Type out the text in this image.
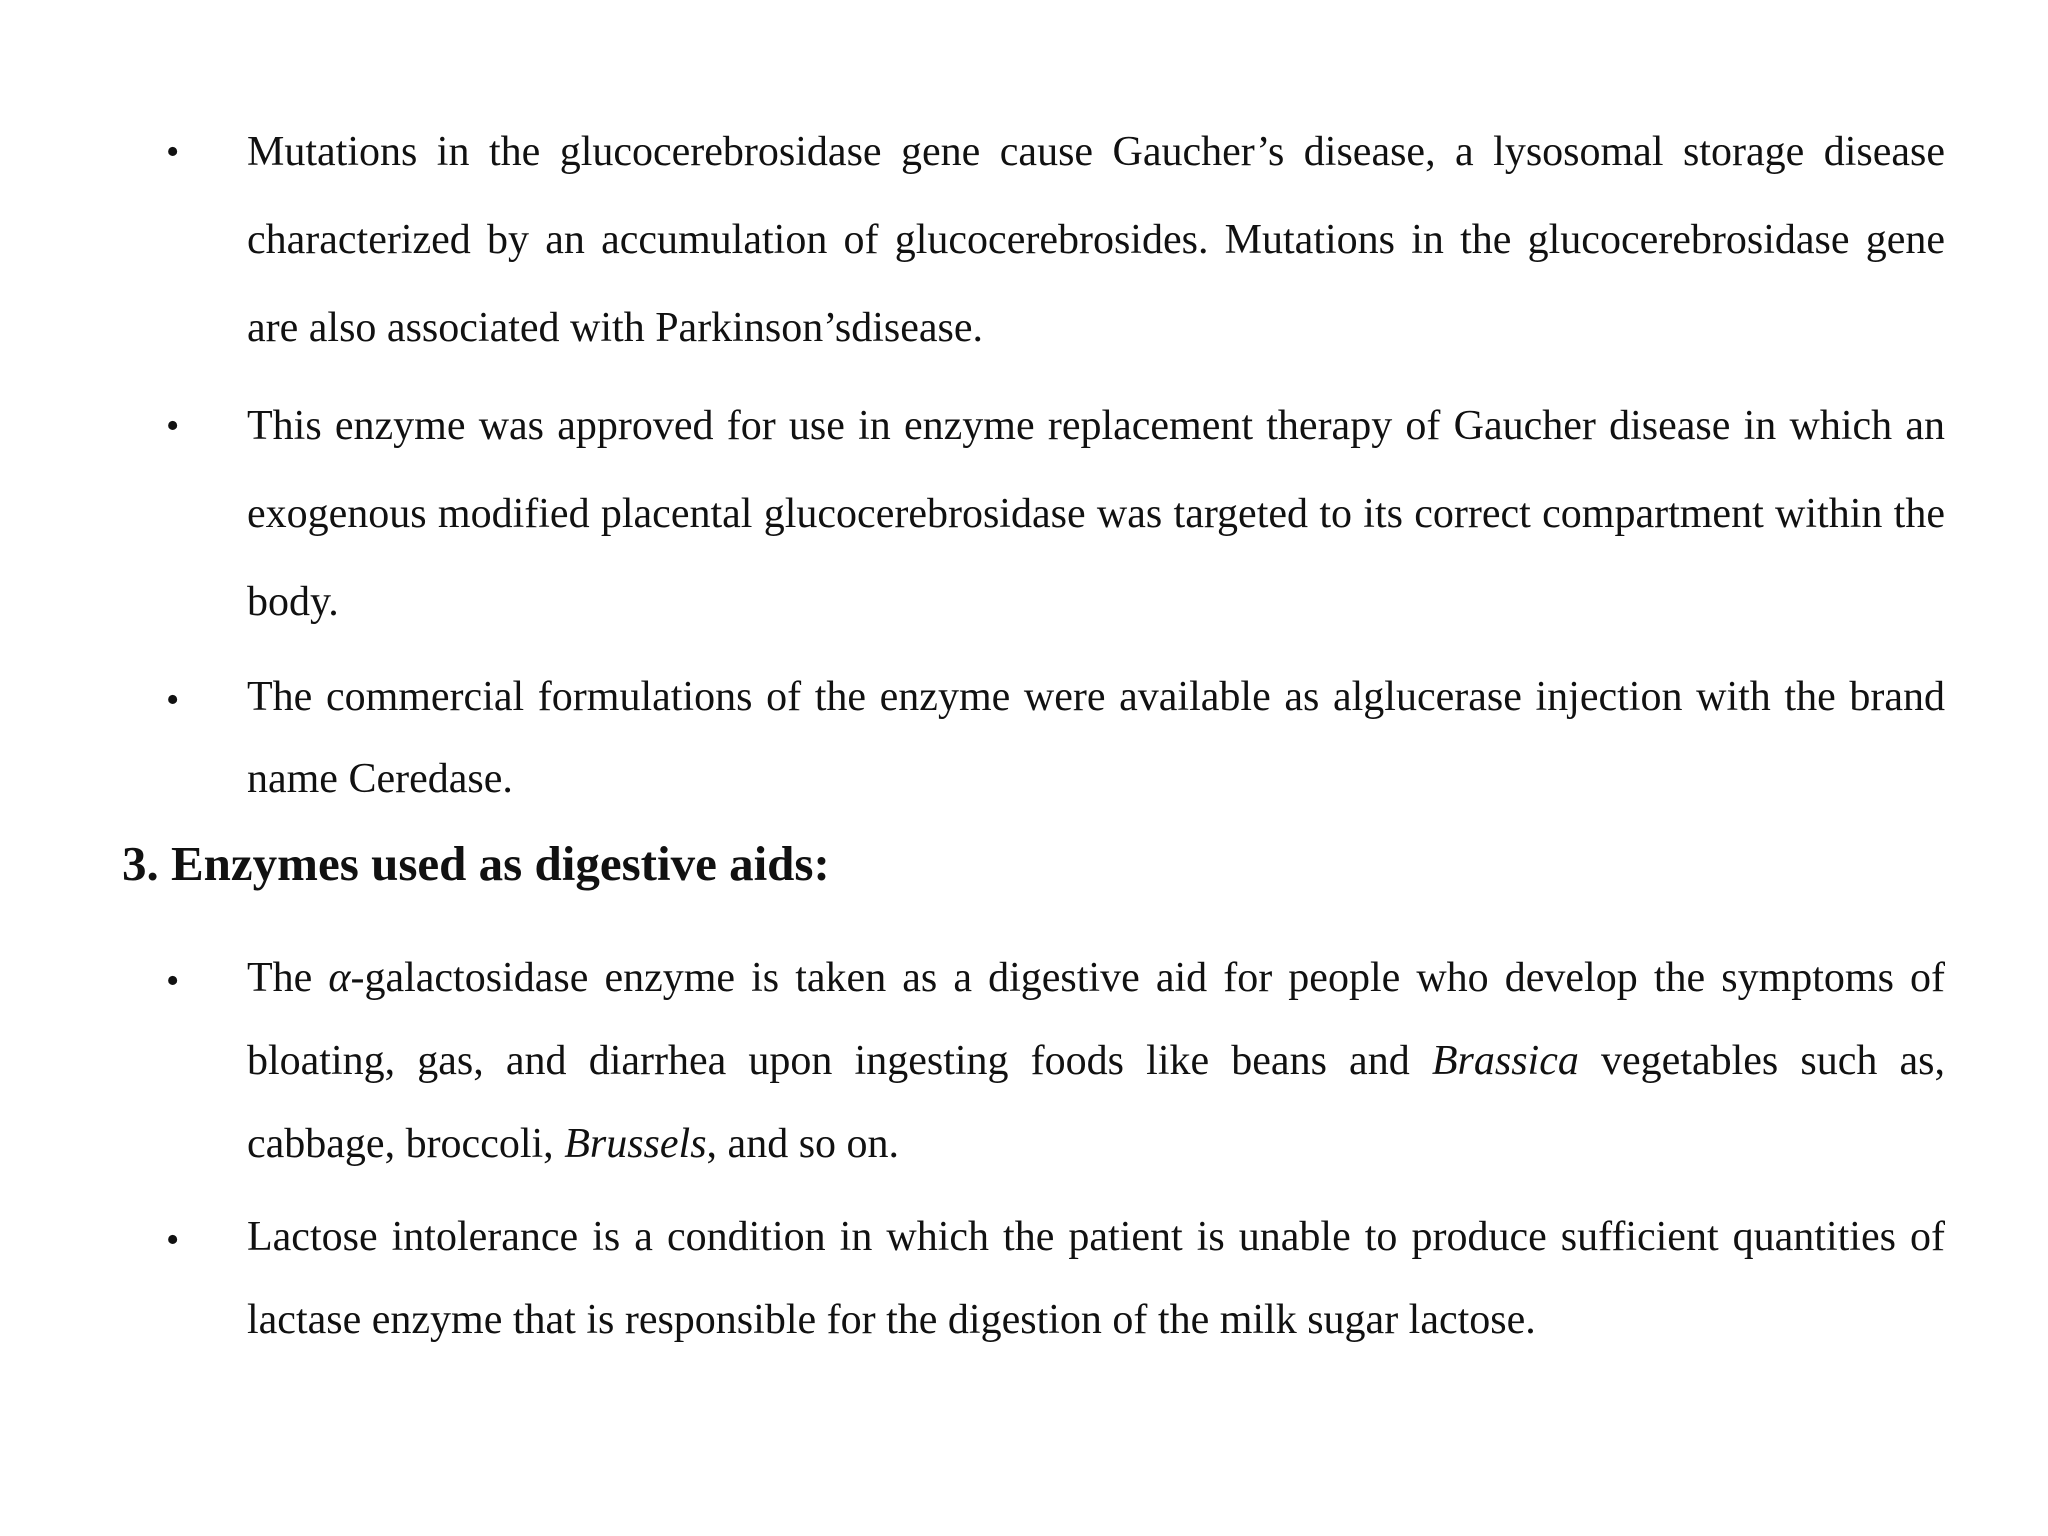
• Mutations in the glucocerebrosidase gene cause Gaucher’s disease, a lysosomal storage disease characterized by an accumulation of glucocerebrosides. Mutations in the glucocerebrosidase gene are also associated with Parkinson’sdisease.
• This enzyme was approved for use in enzyme replacement therapy of Gaucher disease in which an exogenous modified placental glucocerebrosidase was targeted to its correct compartment within the body.
• The commercial formulations of the enzyme were available as alglucerase injection with the brand name Ceredase.
3. Enzymes used as digestive aids:
• The α-galactosidase enzyme is taken as a digestive aid for people who develop the symptoms of bloating, gas, and diarrhea upon ingesting foods like beans and Brassica vegetables such as, cabbage, broccoli, Brussels, and so on.
• Lactose intolerance is a condition in which the patient is unable to produce sufficient quantities of lactase enzyme that is responsible for the digestion of the milk sugar lactose.
